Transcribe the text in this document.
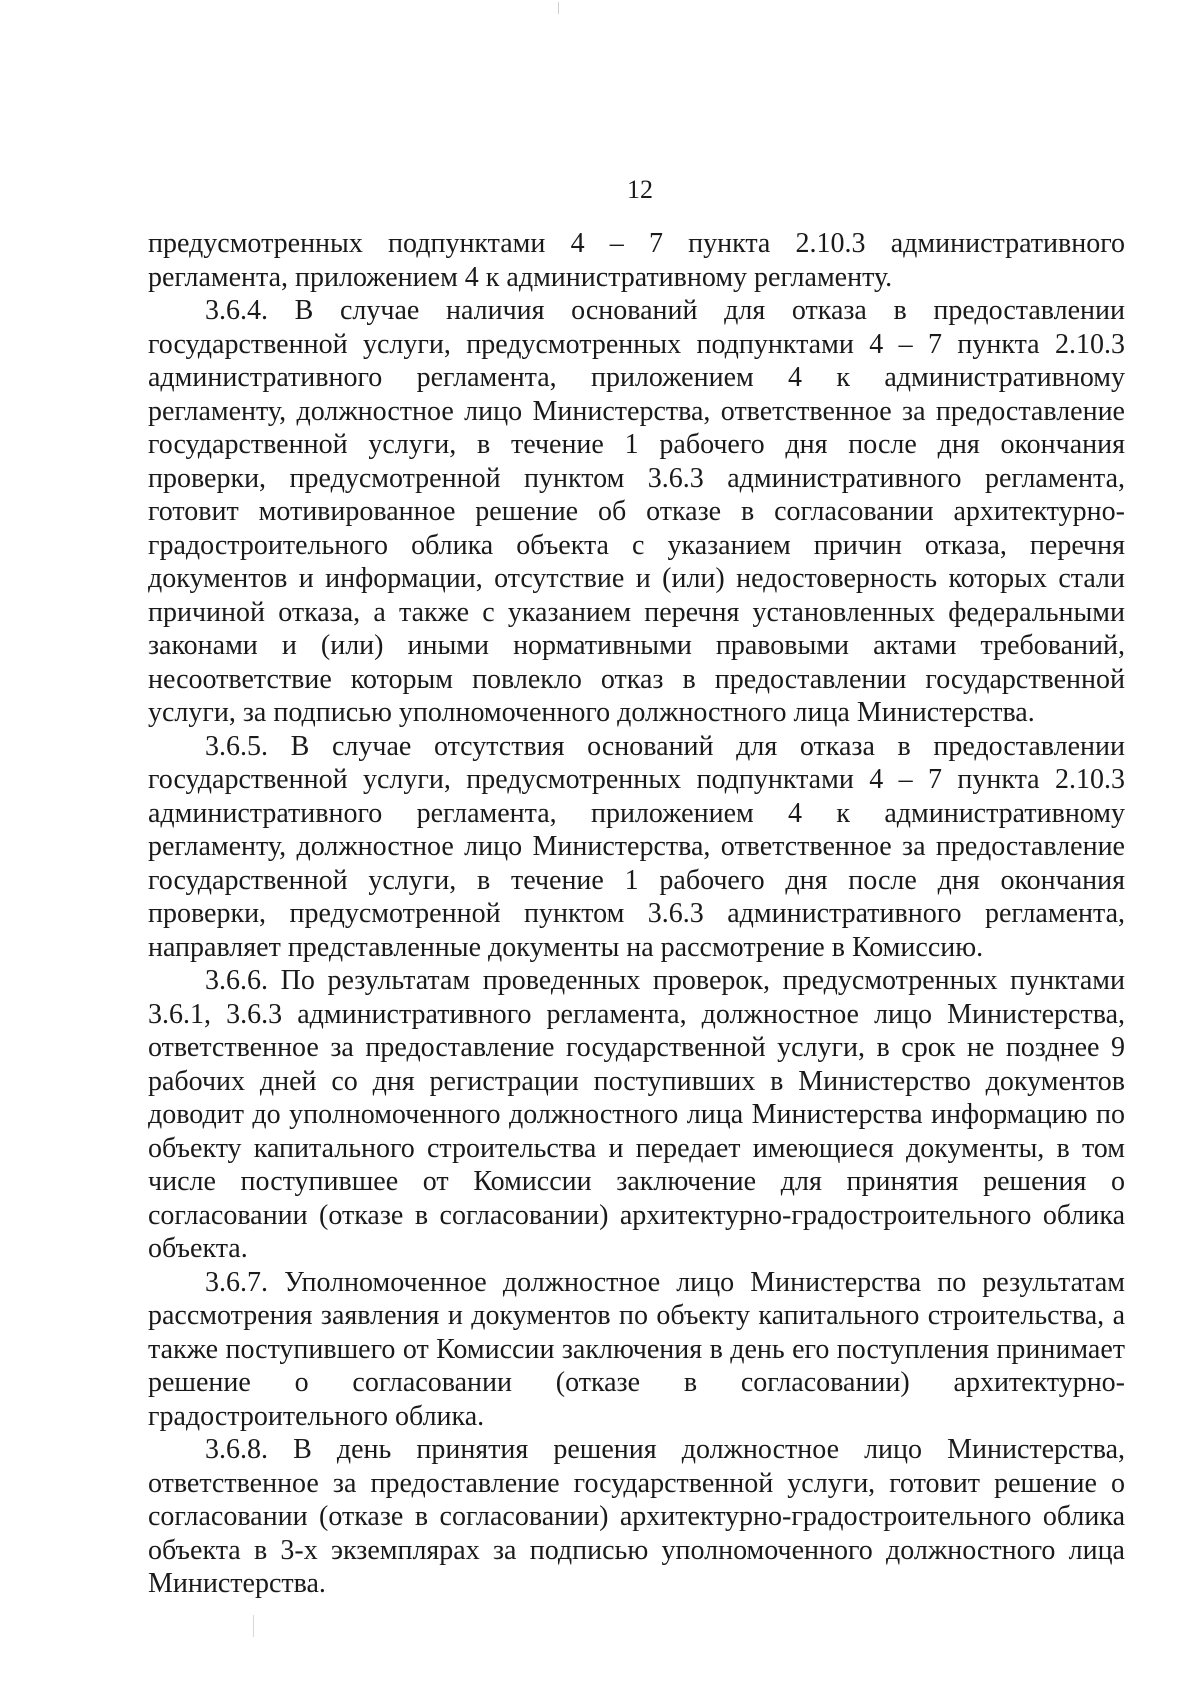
12

предусмотренных подпунктами 4 – 7 пункта 2.10.3 административного регламента, приложением 4 к административному регламенту.

3.6.4. В случае наличия оснований для отказа в предоставлении государственной услуги, предусмотренных подпунктами 4 – 7 пункта 2.10.3 административного регламента, приложением 4 к административному регламенту, должностное лицо Министерства, ответственное за предоставление государственной услуги, в течение 1 рабочего дня после дня окончания проверки, предусмотренной пунктом 3.6.3 административного регламента, готовит мотивированное решение об отказе в согласовании архитектурно-градостроительного облика объекта с указанием причин отказа, перечня документов и информации, отсутствие и (или) недостоверность которых стали причиной отказа, а также с указанием перечня установленных федеральными законами и (или) иными нормативными правовыми актами требований, несоответствие которым повлекло отказ в предоставлении государственной услуги, за подписью уполномоченного должностного лица Министерства.

3.6.5. В случае отсутствия оснований для отказа в предоставлении государственной услуги, предусмотренных подпунктами 4 – 7 пункта 2.10.3 административного регламента, приложением 4 к административному регламенту, должностное лицо Министерства, ответственное за предоставление государственной услуги, в течение 1 рабочего дня после дня окончания проверки, предусмотренной пунктом 3.6.3 административного регламента, направляет представленные документы на рассмотрение в Комиссию.

3.6.6. По результатам проведенных проверок, предусмотренных пунктами 3.6.1, 3.6.3 административного регламента, должностное лицо Министерства, ответственное за предоставление государственной услуги, в срок не позднее 9 рабочих дней со дня регистрации поступивших в Министерство документов доводит до уполномоченного должностного лица Министерства информацию по объекту капитального строительства и передает имеющиеся документы, в том числе поступившее от Комиссии заключение для принятия решения о согласовании (отказе в согласовании) архитектурно-градостроительного облика объекта.

3.6.7. Уполномоченное должностное лицо Министерства по результатам рассмотрения заявления и документов по объекту капитального строительства, а также поступившего от Комиссии заключения в день его поступления принимает решение о согласовании (отказе в согласовании) архитектурно-градостроительного облика.

3.6.8. В день принятия решения должностное лицо Министерства, ответственное за предоставление государственной услуги, готовит решение о согласовании (отказе в согласовании) архитектурно-градостроительного облика объекта в 3-х экземплярах за подписью уполномоченного должностного лица Министерства.
